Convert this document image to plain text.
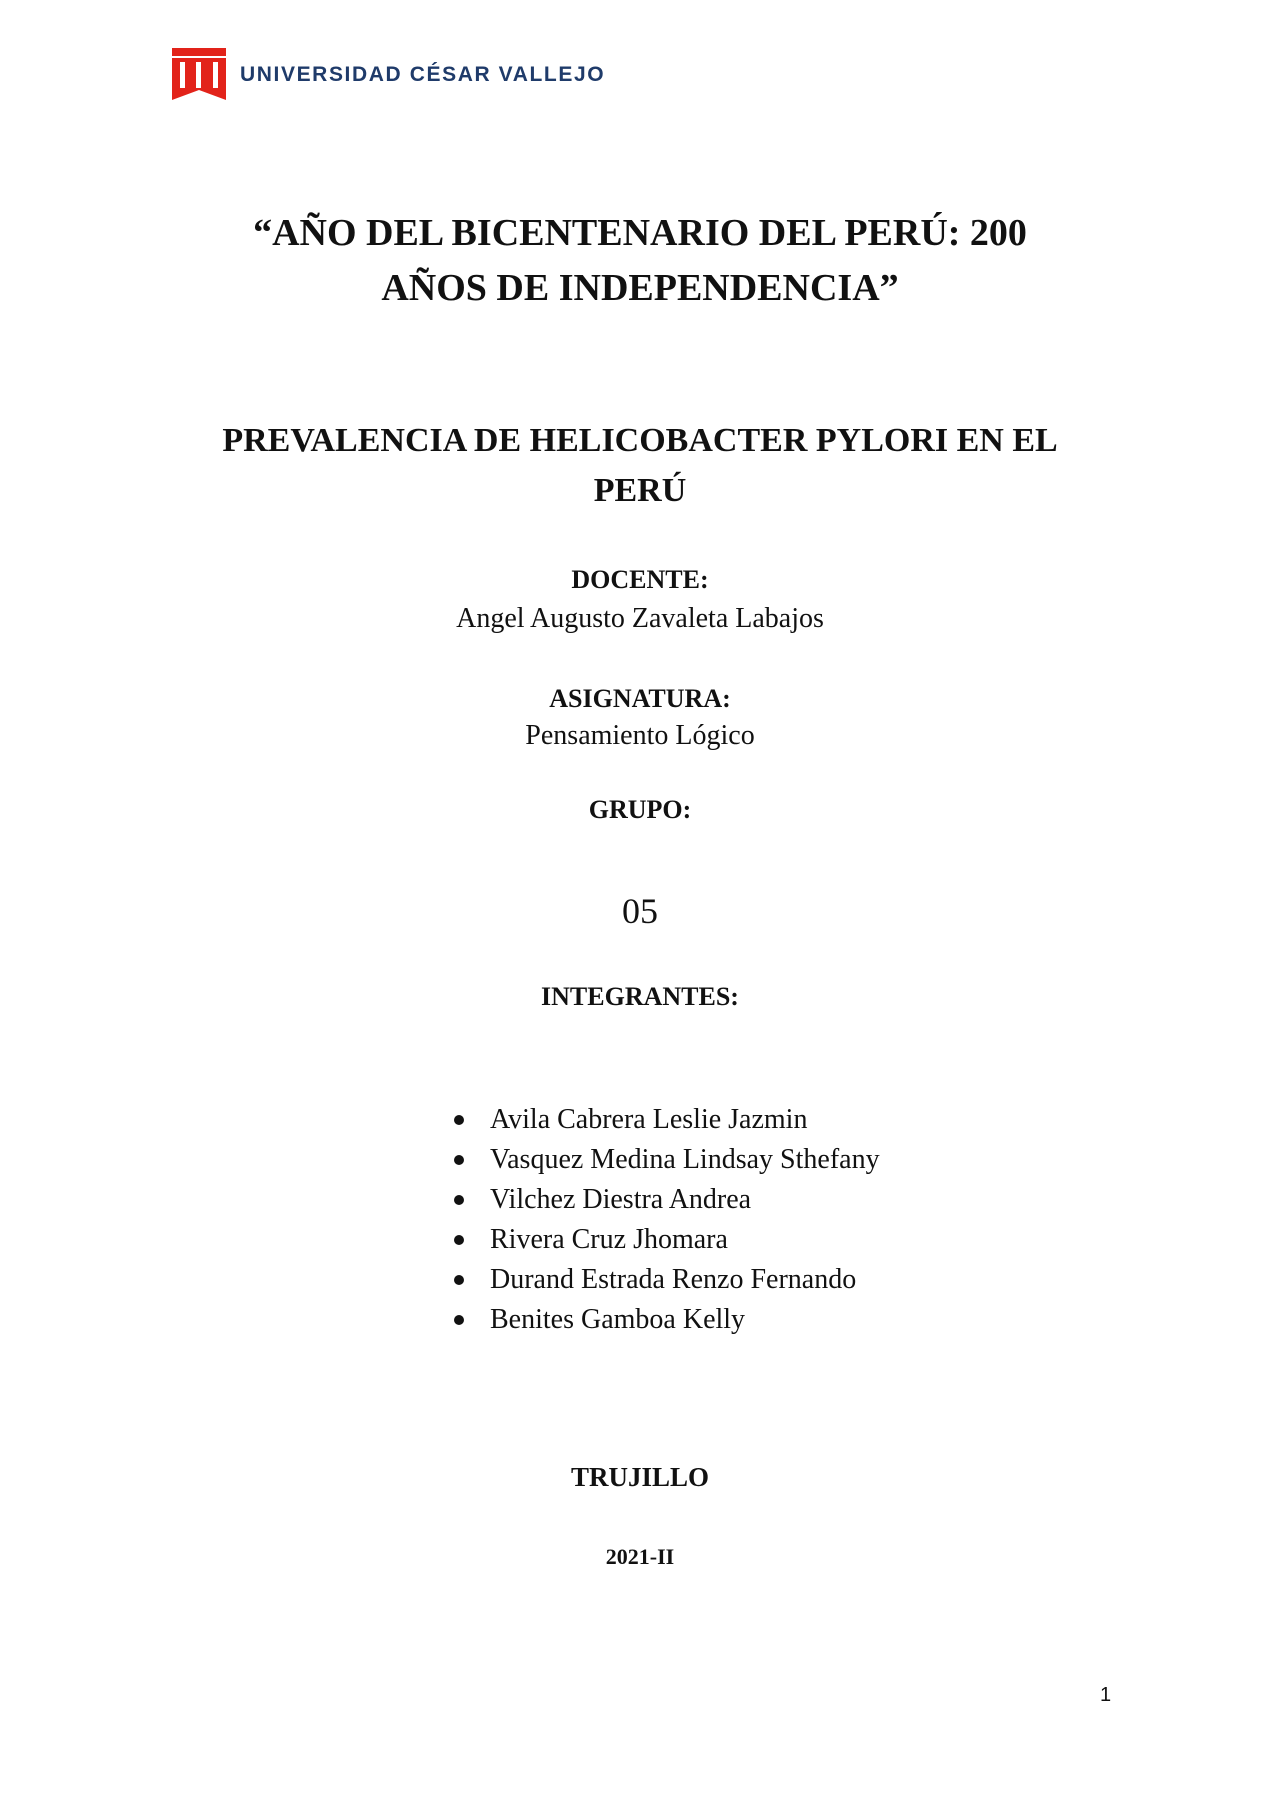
UNIVERSIDAD CÉSAR VALLEJO
“AÑO DEL BICENTENARIO DEL PERÚ: 200
AÑOS DE INDEPENDENCIA”
PREVALENCIA DE HELICOBACTER PYLORI EN EL
PERÚ
DOCENTE:
Angel Augusto Zavaleta Labajos
ASIGNATURA:
Pensamiento Lógico
GRUPO:
05
INTEGRANTES:
Avila Cabrera Leslie Jazmin
Vasquez Medina Lindsay Sthefany
Vilchez Diestra Andrea
Rivera Cruz Jhomara
Durand Estrada Renzo Fernando
Benites Gamboa Kelly
TRUJILLO
2021-II
1
